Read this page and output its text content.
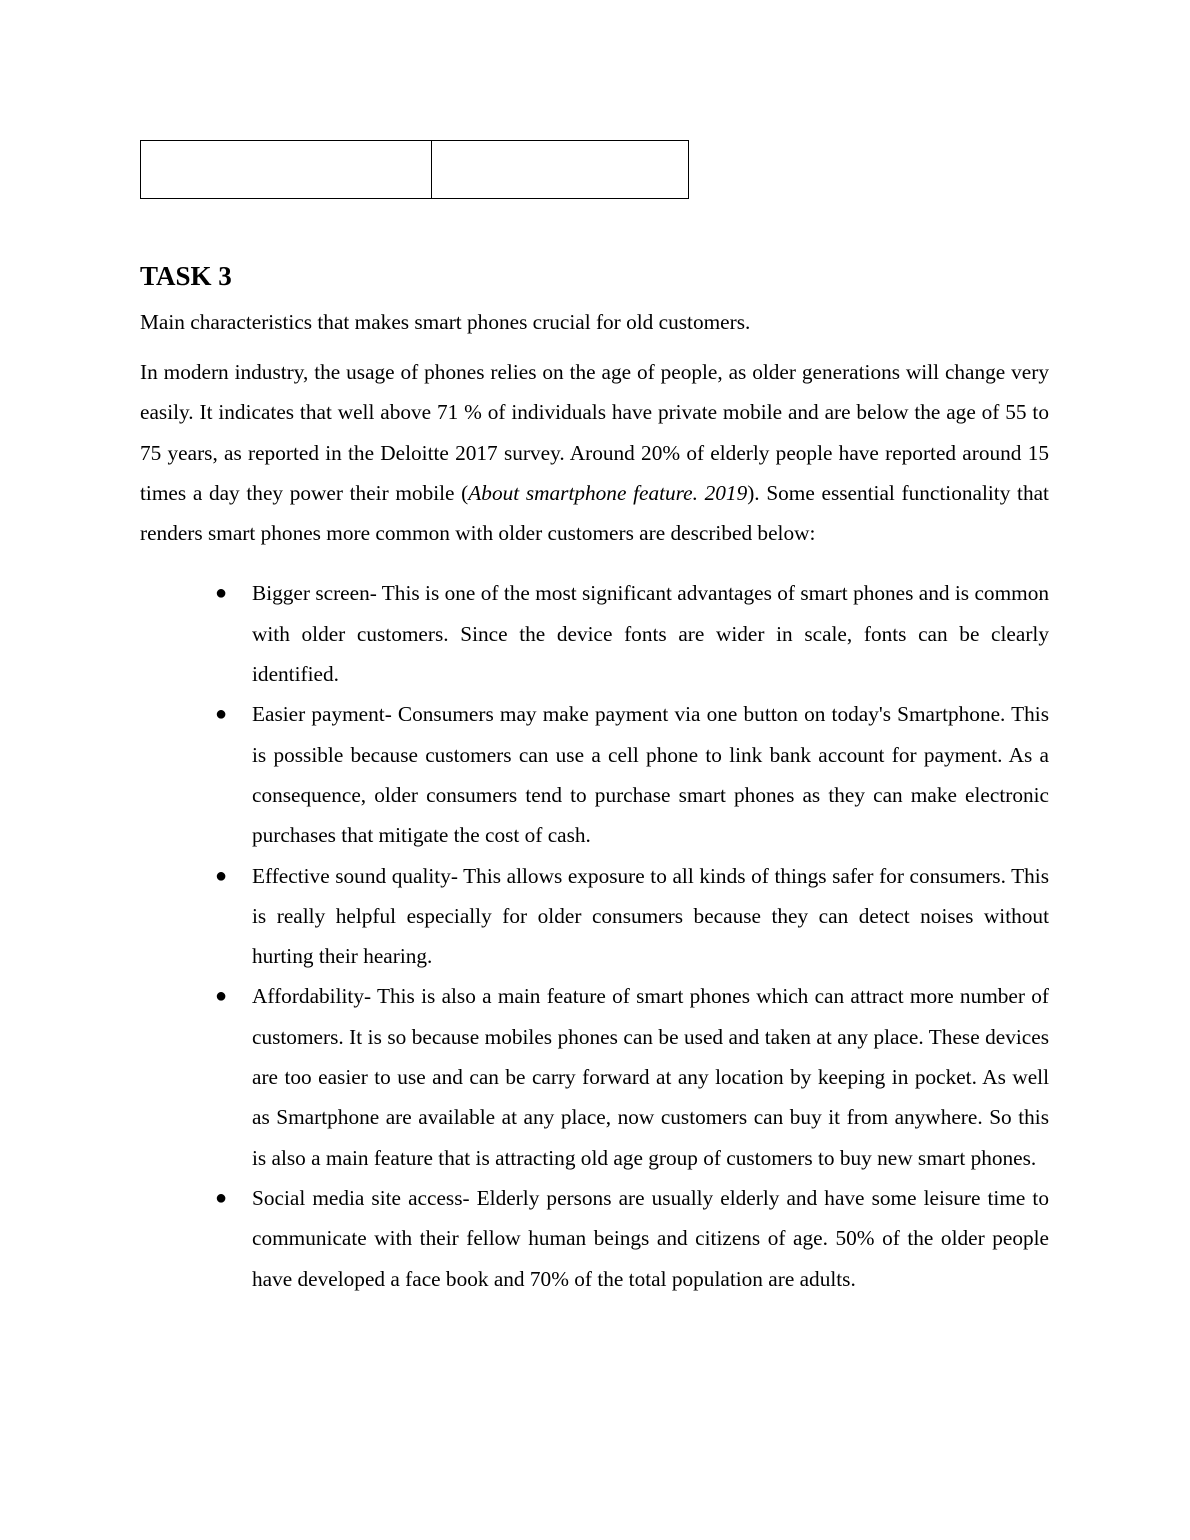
TASK 3

Main characteristics that makes smart phones crucial for old customers.

In modern industry, the usage of phones relies on the age of people, as older generations will change very easily. It indicates that well above 71 % of individuals have private mobile and are below the age of 55 to 75 years, as reported in the Deloitte 2017 survey. Around 20% of elderly people have reported around 15 times a day they power their mobile (About smartphone feature. 2019). Some essential functionality that renders smart phones more common with older customers are described below:

● Bigger screen- This is one of the most significant advantages of smart phones and is common with older customers. Since the device fonts are wider in scale, fonts can be clearly identified.
● Easier payment- Consumers may make payment via one button on today's Smartphone. This is possible because customers can use a cell phone to link bank account for payment. As a consequence, older consumers tend to purchase smart phones as they can make electronic purchases that mitigate the cost of cash.
● Effective sound quality- This allows exposure to all kinds of things safer for consumers. This is really helpful especially for older consumers because they can detect noises without hurting their hearing.
● Affordability- This is also a main feature of smart phones which can attract more number of customers. It is so because mobiles phones can be used and taken at any place. These devices are too easier to use and can be carry forward at any location by keeping in pocket. As well as Smartphone are available at any place, now customers can buy it from anywhere. So this is also a main feature that is attracting old age group of customers to buy new smart phones.
● Social media site access- Elderly persons are usually elderly and have some leisure time to communicate with their fellow human beings and citizens of age. 50% of the older people have developed a face book and 70% of the total population are adults.
